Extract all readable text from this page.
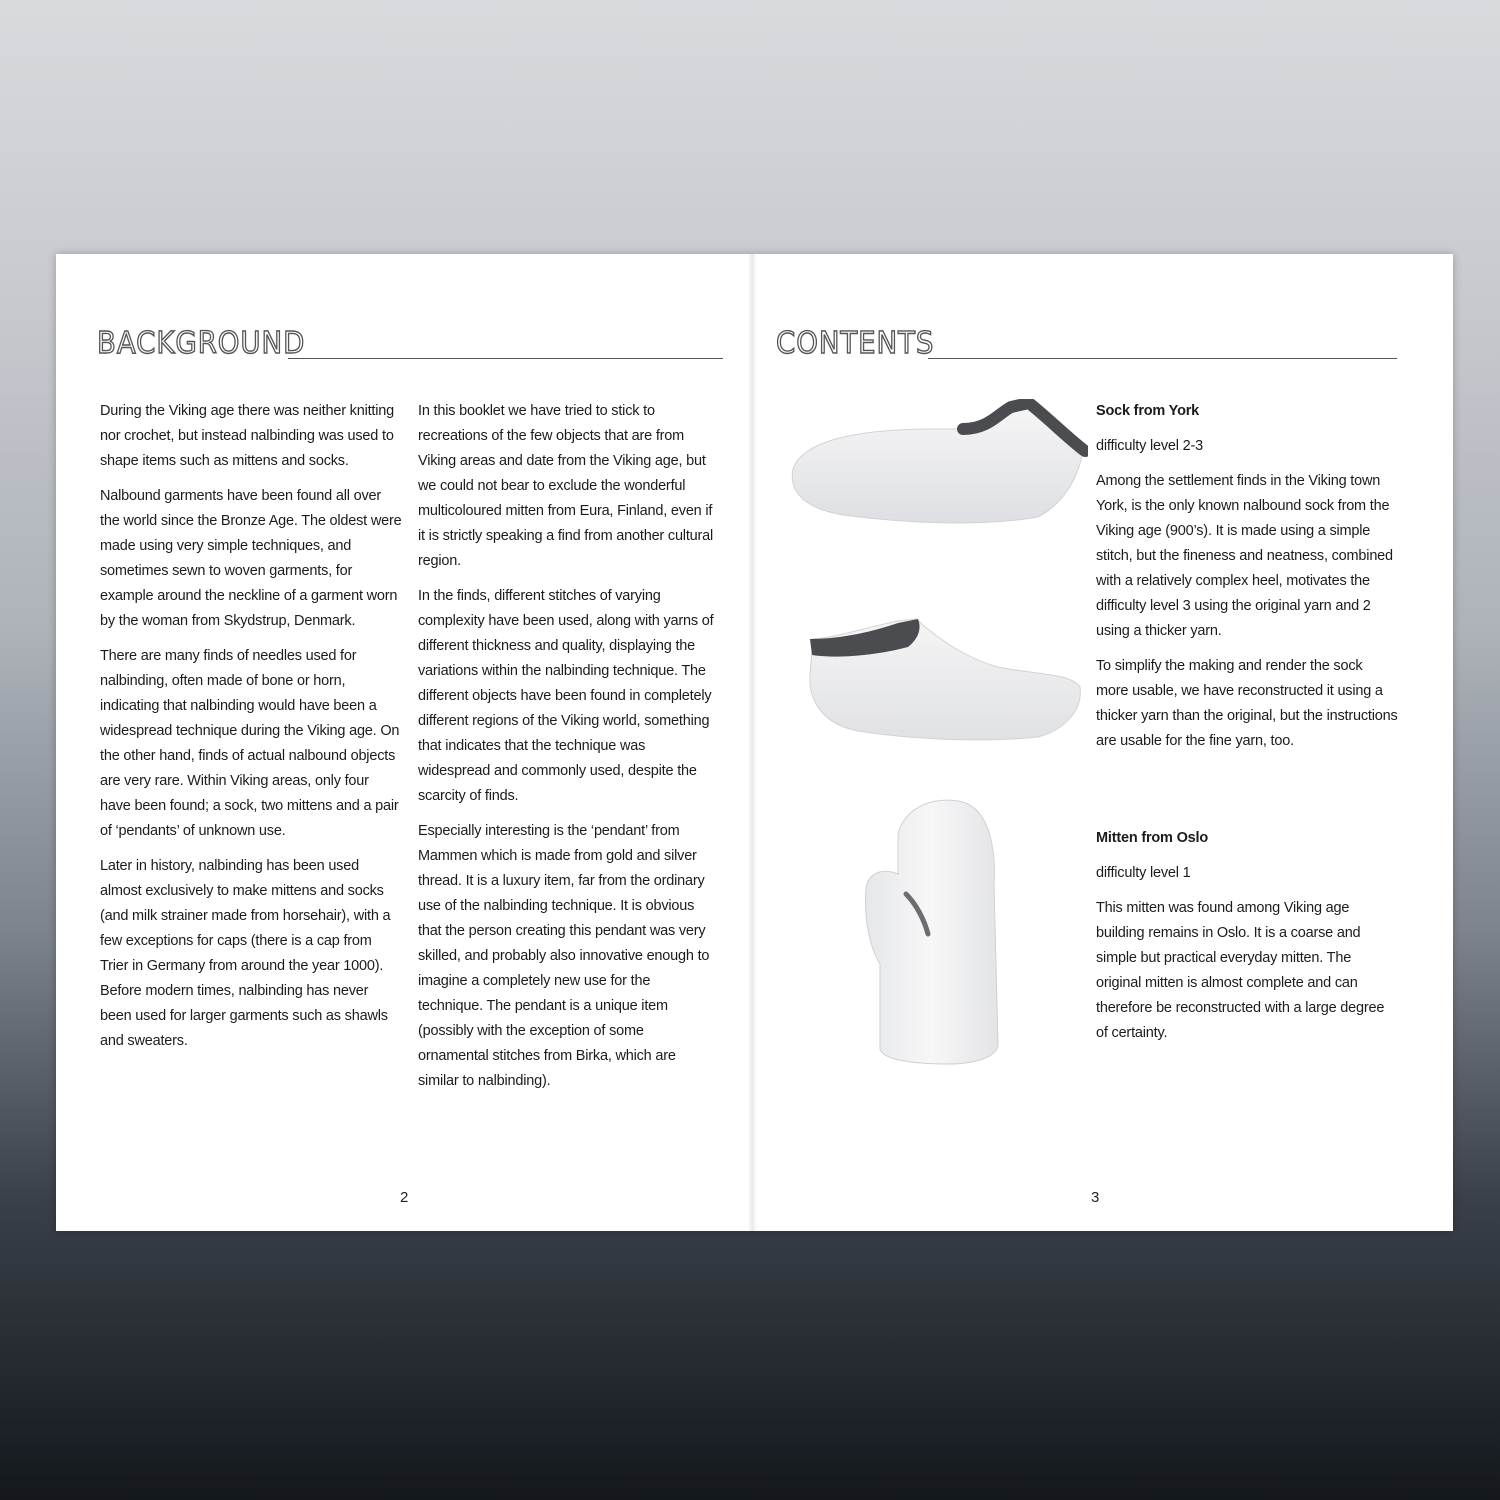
BACKGROUND

During the Viking age there was neither knitting nor crochet, but instead nalbinding was used to shape items such as mittens and socks.

Nalbound garments have been found all over the world since the Bronze Age. The oldest were made using very simple techniques, and sometimes sewn to woven garments, for example around the neckline of a garment worn by the woman from Skydstrup, Denmark.

There are many finds of needles used for nalbinding, often made of bone or horn, indicating that nalbinding would have been a widespread technique during the Viking age. On the other hand, finds of actual nalbound objects are very rare. Within Viking areas, only four have been found; a sock, two mittens and a pair of ‘pendants’ of unknown use.

Later in history, nalbinding has been used almost exclusively to make mittens and socks (and milk strainer made from horsehair), with a few exceptions for caps (there is a cap from Trier in Germany from around the year 1000). Before modern times, nalbinding has never been used for larger garments such as shawls and sweaters.

In this booklet we have tried to stick to recreations of the few objects that are from Viking areas and date from the Viking age, but we could not bear to exclude the wonderful multicoloured mitten from Eura, Finland, even if it is strictly speaking a find from another cultural region.

In the finds, different stitches of varying complexity have been used, along with yarns of different thickness and quality, displaying the variations within the nalbinding technique. The different objects have been found in completely different regions of the Viking world, something that indicates that the technique was widespread and commonly used, despite the scarcity of finds.

Especially interesting is the ‘pendant’ from Mammen which is made from gold and silver thread. It is a luxury item, far from the ordinary use of the nalbinding technique. It is obvious that the person creating this pendant was very skilled, and probably also innovative enough to imagine a completely new use for the technique. The pendant is a unique item (possibly with the exception of some ornamental stitches from Birka, which are similar to nalbinding).

2
CONTENTS

Sock from York

difficulty level 2-3

Among the settlement finds in the Viking town York, is the only known nalbound sock from the Viking age (900’s). It is made using a simple stitch, but the fineness and neatness, combined with a relatively complex heel, motivates the difficulty level 3 using the original yarn and 2 using a thicker yarn.

To simplify the making and render the sock more usable, we have reconstructed it using a thicker yarn than the original, but the instructions are usable for the fine yarn, too.

Mitten from Oslo

difficulty level 1

This mitten was found among Viking age building remains in Oslo. It is a coarse and simple but practical everyday mitten. The original mitten is almost complete and can therefore be reconstructed with a large degree of certainty.

3
